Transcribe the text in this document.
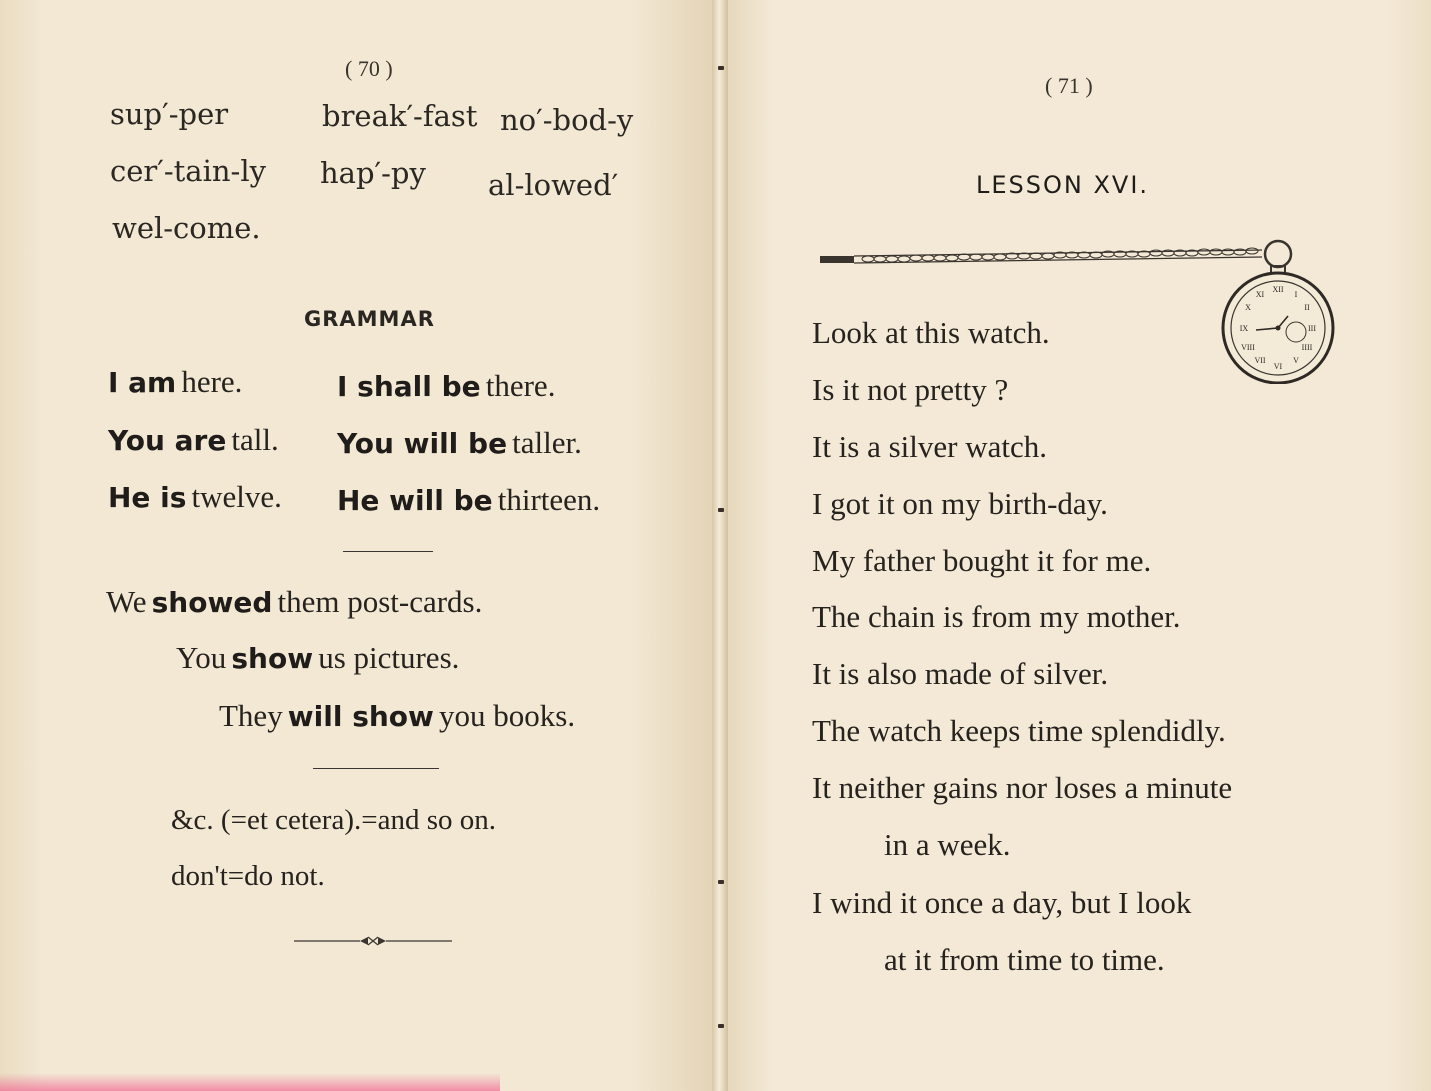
( 70 )
sup′-per	break′-fast no′-bod-y
cer′-tain-ly hap′-py al-lowed′
wel-come.
GRAMMAR
I am here.	I shall be there.
You are tall. You will be taller.
He is twelve. He will be thirteen.
We showed them post-cards.
You show us pictures.
They will show you books.
&c. (=et cetera).=and so on.
don't=do not.
( 71 )
LESSON XVI.
XII
I
II
III
IIII
V
VI
VII
VIII
IX
X
XI
Look at this watch.
Is it not pretty ?
It is a silver watch.
I got it on my birth-day.
My father bought it for me.
The chain is from my mother.
It is also made of silver.
The watch keeps time splendidly.
It neither gains nor loses a minute
in a week.
I wind it once a day, but I look
at it from time to time.
